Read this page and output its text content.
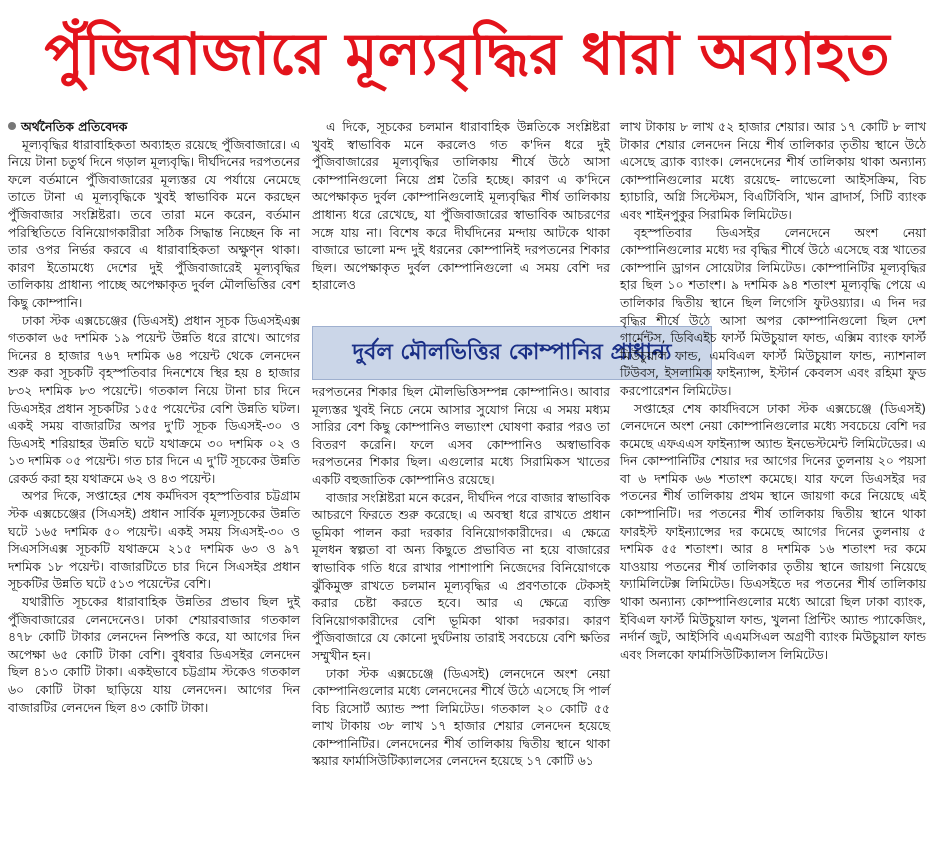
পুঁজিবাজারে মূল্যবৃদ্ধির ধারা অব্যাহত

অর্থনৈতিক প্রতিবেদক

মূল্যবৃদ্ধির ধারাবাহিকতা অব্যাহত রয়েছে পুঁজিবাজারে। এ নিয়ে টানা চতুর্থ দিনে গড়াল মূল্যবৃদ্ধি। দীর্ঘদিনের দরপতনের ফলে বর্তমানে পুঁজিবাজারের মূল্যস্তর যে পর্যায়ে নেমেছে তাতে টানা এ মূল্যবৃদ্ধিকে খুবই স্বাভাবিক মনে করছেন পুঁজিবাজার সংশ্লিষ্টরা। তবে তারা মনে করেন, বর্তমান পরিস্থিতিতে বিনিয়োগকারীরা সঠিক সিদ্ধান্ত নিচ্ছেন কি না তার ওপর নির্ভর করবে এ ধারাবাহিকতা অক্ষুণ্ন থাকা। কারণ ইতোমধ্যে দেশের দুই পুঁজিবাজারেই মূল্যবৃদ্ধির তালিকায় প্রাধান্য পাচ্ছে অপেক্ষাকৃত দুর্বল মৌলভিত্তির বেশ কিছু কোম্পানি।

ঢাকা স্টক এক্সচেঞ্জের (ডিএসই) প্রধান সূচক ডিএসইএক্স গতকাল ৬৫ দশমিক ১৯ পয়েন্ট উন্নতি ধরে রাখে। আগের দিনের ৪ হাজার ৭৬৭ দশমিক ৬৪ পয়েন্ট থেকে লেনদেন শুরু করা সূচকটি বৃহস্পতিবার দিনশেষে স্থির হয় ৪ হাজার ৮৩২ দশমিক ৮৩ পয়েন্টে। গতকাল নিয়ে টানা চার দিনে ডিএসইর প্রধান সূচকটির ১৫৫ পয়েন্টের বেশি উন্নতি ঘটল। একই সময় বাজারটির অপর দু'টি সূচক ডিএসই-৩০ ও ডিএসই শরিয়াহর উন্নতি ঘটে যথাক্রমে ৩০ দশমিক ০২ ও ১৩ দশমিক ০৫ পয়েন্ট। গত চার দিনে এ দু'টি সূচকের উন্নতি রেকর্ড করা হয় যথাক্রমে ৬২ ও ৪৩ পয়েন্ট।

অপর দিকে, সপ্তাহের শেষ কর্মদিবস বৃহস্পতিবার চট্টগ্রাম স্টক এক্সচেঞ্জের (সিএসই) প্রধান সার্বিক মূল্যসূচকের উন্নতি ঘটে ১৬৫ দশমিক ৫০ পয়েন্ট। একই সময় সিএসই-৩০ ও সিএসসিএক্স সূচকটি যথাক্রমে ২১৫ দশমিক ৬৩ ও ৯৭ দশমিক ১৮ পয়েন্ট। বাজারটিতে চার দিনে সিএসইর প্রধান সূচকটির উন্নতি ঘটে ৫১৩ পয়েন্টের বেশি।

যথারীতি সূচকের ধারাবাহিক উন্নতির প্রভাব ছিল দুই পুঁজিবাজারের লেনদেনেও। ঢাকা শেয়ারবাজার গতকাল ৪৭৮ কোটি টাকার লেনদেন নিষ্পত্তি করে, যা আগের দিন অপেক্ষা ৬৫ কোটি টাকা বেশি। বুধবার ডিএসইর লেনদেন ছিল ৪১৩ কোটি টাকা। একইভাবে চট্টগ্রাম স্টকেও গতকাল ৬০ কোটি টাকা ছাড়িয়ে যায় লেনদেন। আগের দিন বাজারটির লেনদেন ছিল ৪৩ কোটি টাকা।

এ দিকে, সূচকের চলমান ধারাবাহিক উন্নতিকে সংশ্লিষ্টরা খুবই স্বাভাবিক মনে করলেও গত ক'দিন ধরে দুই পুঁজিবাজারের মূল্যবৃদ্ধির তালিকায় শীর্ষে উঠে আসা কোম্পানিগুলো নিয়ে প্রশ্ন তৈরি হচ্ছে। কারণ এ ক'দিনে অপেক্ষাকৃত দুর্বল কোম্পানিগুলোই মূল্যবৃদ্ধির শীর্ষ তালিকায় প্রাধান্য ধরে রেখেছে, যা পুঁজিবাজারের স্বাভাবিক আচরণের সঙ্গে যায় না। বিশেষ করে দীর্ঘদিনের মন্দায় আটকে থাকা বাজারে ভালো মন্দ দুই ধরনের কোম্পানিই দরপতনের শিকার ছিল। অপেক্ষাকৃত দুর্বল কোম্পানিগুলো এ সময় বেশি দর হারালেও

দুর্বল মৌলভিত্তির কোম্পানির প্রাধান্য

দরপতনের শিকার ছিল মৌলভিত্তিসম্পন্ন কোম্পানিও। আবার মূল্যস্তর খুবই নিচে নেমে আসার সুযোগ নিয়ে এ সময় মধ্যম সারির বেশ কিছু কোম্পানিও লভ্যাংশ ঘোষণা করার পরও তা বিতরণ করেনি। ফলে এসব কোম্পানিও অস্বাভাবিক দরপতনের শিকার ছিল। এগুলোর মধ্যে সিরামিকস খাতের একটি বহুজাতিক কোম্পানিও রয়েছে।

বাজার সংশ্লিষ্টরা মনে করেন, দীর্ঘদিন পরে বাজার স্বাভাবিক আচরণে ফিরতে শুরু করেছে। এ অবস্থা ধরে রাখতে প্রধান ভূমিকা পালন করা দরকার বিনিয়োগকারীদের। এ ক্ষেত্রে মূলধন স্বল্পতা বা অন্য কিছুতে প্রভাবিত না হয়ে বাজারের স্বাভাবিক গতি ধরে রাখার পাশাপাশি নিজেদের বিনিয়োগকে ঝুঁকিমুক্ত রাখতে চলমান মূল্যবৃদ্ধির এ প্রবণতাকে টেকসই করার চেষ্টা করতে হবে। আর এ ক্ষেত্রে ব্যক্তি বিনিয়োগকারীদের বেশি ভূমিকা থাকা দরকার। কারণ পুঁজিবাজারে যে কোনো দুর্ঘটনায় তারাই সবচেয়ে বেশি ক্ষতির সম্মুখীন হন।

ঢাকা স্টক এক্সচেঞ্জে (ডিএসই) লেনদেনে অংশ নেয়া কোম্পানিগুলোর মধ্যে লেনদেনের শীর্ষে উঠে এসেছে সি পার্ল বিচ রিসোর্ট অ্যান্ড স্পা লিমিটেড। গতকাল ২০ কোটি ৫৫ লাখ টাকায় ৩৮ লাখ ১৭ হাজার শেয়ার লেনদেন হয়েছে কোম্পানিটির। লেনদেনের শীর্ষ তালিকায় দ্বিতীয় স্থানে থাকা স্কয়ার ফার্মাসিউটিক্যালসের লেনদেন হয়েছে ১৭ কোটি ৬১

লাখ টাকায় ৮ লাখ ৫২ হাজার শেয়ার। আর ১৭ কোটি ৮ লাখ টাকার শেয়ার লেনদেন নিয়ে শীর্ষ তালিকার তৃতীয় স্থানে উঠে এসেছে ব্র্যাক ব্যাংক। লেনদেনের শীর্ষ তালিকায় থাকা অন্যান্য কোম্পানিগুলোর মধ্যে রয়েছে- লাভেলো আইসক্রিম, বিচ হ্যাচারি, অগ্নি সিস্টেমস, বিএটিবিসি, খান ব্রাদার্স, সিটি ব্যাংক এবং শাইনপুকুর সিরামিক লিমিটেড।

বৃহস্পতিবার ডিএসইর লেনদেনে অংশ নেয়া কোম্পানিগুলোর মধ্যে দর বৃদ্ধির শীর্ষে উঠে এসেছে বস্ত্র খাতের কোম্পানি ড্রাগন সোয়েটার লিমিটেড। কোম্পানিটির মূল্যবৃদ্ধির হার ছিল ১০ শতাংশ। ৯ দশমিক ৯৪ শতাংশ মূল্যবৃদ্ধি পেয়ে এ তালিকার দ্বিতীয় স্থানে ছিল লিগেসি ফুটওয়্যার। এ দিন দর বৃদ্ধির শীর্ষে উঠে আসা অপর কোম্পানিগুলো ছিল দেশ গার্মেন্টস, ডিবিএইচ ফার্স্ট মিউচুয়াল ফান্ড, এক্সিম ব্যাংক ফার্স্ট মিউচুয়াল ফান্ড, এমবিএল ফার্স্ট মিউচুয়াল ফান্ড, ন্যাশনাল টিউবস, ইসলামিক ফাইন্যান্স, ইস্টার্ন কেবলস এবং রহিমা ফুড করপোরেশন লিমিটেড।

সপ্তাহের শেষ কার্যদিবসে ঢাকা স্টক এক্সচেঞ্জে (ডিএসই) লেনদেনে অংশ নেয়া কোম্পানিগুলোর মধ্যে সবচেয়ে বেশি দর কমেছে এফএএস ফাইন্যান্স অ্যান্ড ইনভেস্টমেন্ট লিমিটেডের। এ দিন কোম্পানিটির শেয়ার দর আগের দিনের তুলনায় ২০ পয়সা বা ৬ দশমিক ৬৬ শতাংশ কমেছে। যার ফলে ডিএসইর দর পতনের শীর্ষ তালিকায় প্রথম স্থানে জায়গা করে নিয়েছে এই কোম্পানিটি। দর পতনের শীর্ষ তালিকায় দ্বিতীয় স্থানে থাকা ফারইস্ট ফাইন্যান্সের দর কমেছে আগের দিনের তুলনায় ৫ দশমিক ৫৫ শতাংশ। আর ৪ দশমিক ১৬ শতাংশ দর কমে যাওয়ায় পতনের শীর্ষ তালিকার তৃতীয় স্থানে জায়গা নিয়েছে ফ্যামিলিটেক্স লিমিটেড। ডিএসইতে দর পতনের শীর্ষ তালিকায় থাকা অন্যান্য কোম্পানিগুলোর মধ্যে আরো ছিল ঢাকা ব্যাংক, ইবিএল ফার্স্ট মিউচুয়াল ফান্ড, খুলনা প্রিন্টিং অ্যান্ড প্যাকেজিং, নর্দার্ন জুট, আইসিবি এএমসিএল অগ্রণী ব্যাংক মিউচুয়াল ফান্ড এবং সিলকো ফার্মাসিউটিক্যালস লিমিটেড।
